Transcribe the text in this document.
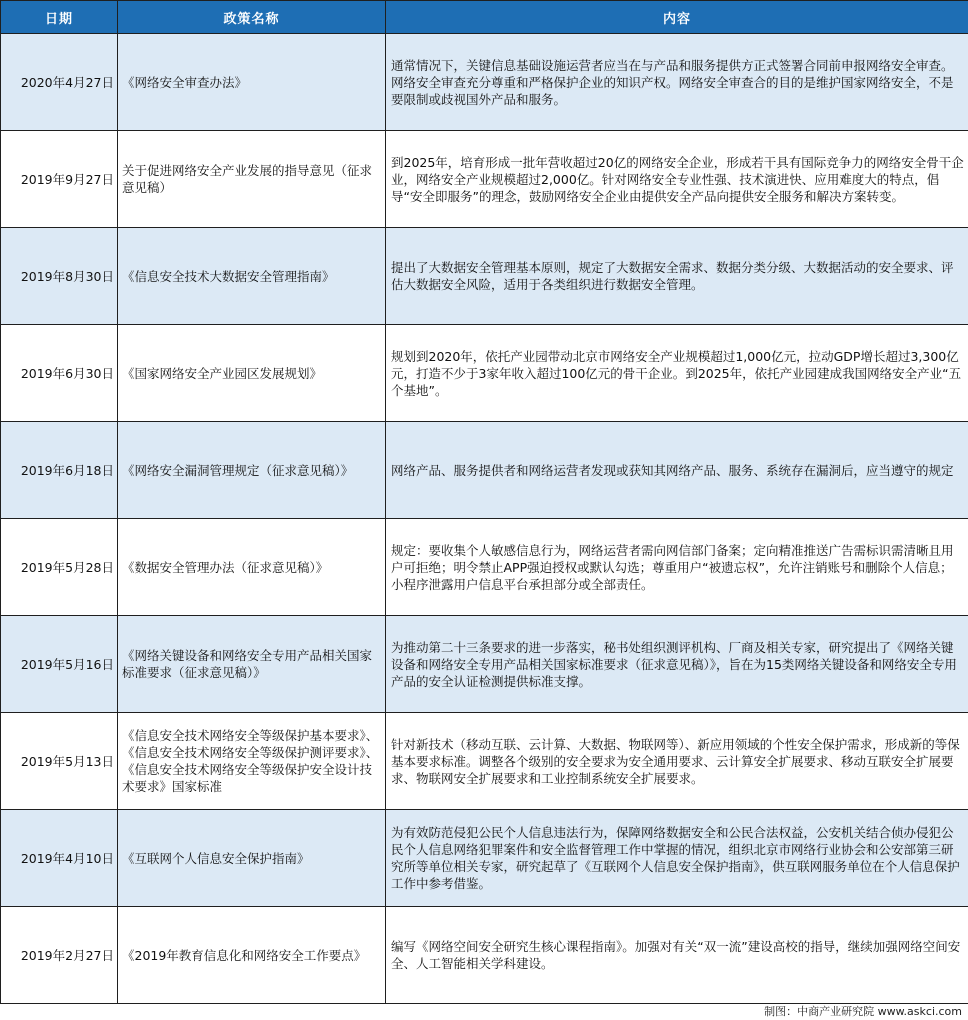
日期	政策名称	内容
2020年4月27日	《网络安全审查办法》	通常情况下，关键信息基础设施运营者应当在与产品和服务提供方正式签署合同前申报网络安全审查。网络安全审查充分尊重和严格保护企业的知识产权。网络安全审查合的目的是维护国家网络安全，不是要限制或歧视国外产品和服务。
2019年9月27日	关于促进网络安全产业发展的指导意见（征求意见稿）	到2025年，培育形成一批年营收超过20亿的网络安全企业，形成若干具有国际竞争力的网络安全骨干企业，网络安全产业规模超过2,000亿。针对网络安全专业性强、技术演进快、应用难度大的特点，倡导“安全即服务”的理念，鼓励网络安全企业由提供安全产品向提供安全服务和解决方案转变。
2019年8月30日	《信息安全技术大数据安全管理指南》	提出了大数据安全管理基本原则，规定了大数据安全需求、数据分类分级、大数据活动的安全要求、评估大数据安全风险，适用于各类组织进行数据安全管理。
2019年6月30日	《国家网络安全产业园区发展规划》	规划到2020年，依托产业园带动北京市网络安全产业规模超过1,000亿元，拉动GDP增长超过3,300亿元，打造不少于3家年收入超过100亿元的骨干企业。到2025年，依托产业园建成我国网络安全产业“五个基地”。
2019年6月18日	《网络安全漏洞管理规定（征求意见稿）》	网络产品、服务提供者和网络运营者发现或获知其网络产品、服务、系统存在漏洞后，应当遵守的规定
2019年5月28日	《数据安全管理办法（征求意见稿）》	规定：要收集个人敏感信息行为，网络运营者需向网信部门备案；定向精准推送广告需标识需清晰且用户可拒绝；明令禁止APP强迫授权或默认勾选；尊重用户“被遗忘权”，允许注销账号和删除个人信息；小程序泄露用户信息平台承担部分或全部责任。
2019年5月16日	《网络关键设备和网络安全专用产品相关国家标准要求（征求意见稿）》	为推动第二十三条要求的进一步落实，秘书处组织测评机构、厂商及相关专家，研究提出了《网络关键设备和网络安全专用产品相关国家标准要求（征求意见稿）》，旨在为15类网络关键设备和网络安全专用产品的安全认证检测提供标准支撑。
2019年5月13日	《信息安全技术网络安全等级保护基本要求》、《信息安全技术网络安全等级保护测评要求》、《信息安全技术网络安全等级保护安全设计技术要求》国家标准	针对新技术（移动互联、云计算、大数据、物联网等）、新应用领域的个性安全保护需求，形成新的等保基本要求标准。调整各个级别的安全要求为安全通用要求、云计算安全扩展要求、移动互联安全扩展要求、物联网安全扩展要求和工业控制系统安全扩展要求。
2019年4月10日	《互联网个人信息安全保护指南》	为有效防范侵犯公民个人信息违法行为，保障网络数据安全和公民合法权益，公安机关结合侦办侵犯公民个人信息网络犯罪案件和安全监督管理工作中掌握的情况，组织北京市网络行业协会和公安部第三研究所等单位相关专家，研究起草了《互联网个人信息安全保护指南》，供互联网服务单位在个人信息保护工作中参考借鉴。
2019年2月27日	《2019年教育信息化和网络安全工作要点》	编写《网络空间安全研究生核心课程指南》。加强对有关“双一流”建设高校的指导，继续加强网络空间安全、人工智能相关学科建设。
制图：中商产业研究院 www.askci.com
